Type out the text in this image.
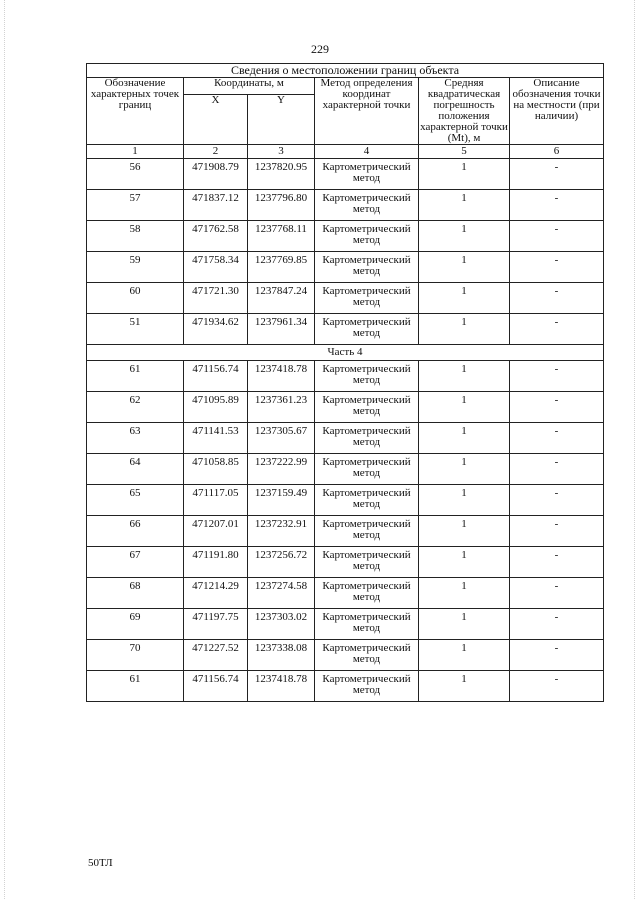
229
Сведения о местоположении границ объекта					
Обозначение характерных точек границ	Координаты, м		Метод определения координат характерной точки	Средняя квадратическая погрешность положения характерной точки (Mt), м	Описание обозначения точки на местности (при наличии)
	X	Y			
1	2	3	4	5	6
56	471908.79	1237820.95	Картометрический метод	1	-
57	471837.12	1237796.80	Картометрический метод	1	-
58	471762.58	1237768.11	Картометрический метод	1	-
59	471758.34	1237769.85	Картометрический метод	1	-
60	471721.30	1237847.24	Картометрический метод	1	-
51	471934.62	1237961.34	Картометрический метод	1	-
Часть 4					
61	471156.74	1237418.78	Картометрический метод	1	-
62	471095.89	1237361.23	Картометрический метод	1	-
63	471141.53	1237305.67	Картометрический метод	1	-
64	471058.85	1237222.99	Картометрический метод	1	-
65	471117.05	1237159.49	Картометрический метод	1	-
66	471207.01	1237232.91	Картометрический метод	1	-
67	471191.80	1237256.72	Картометрический метод	1	-
68	471214.29	1237274.58	Картометрический метод	1	-
69	471197.75	1237303.02	Картометрический метод	1	-
70	471227.52	1237338.08	Картометрический метод	1	-
61	471156.74	1237418.78	Картометрический метод	1	-
50ТЛ
